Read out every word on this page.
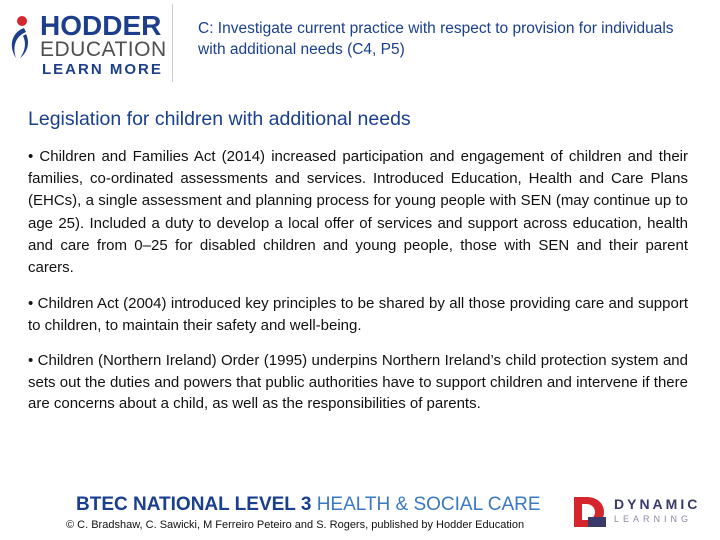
HODDER
EDUCATION
LEARN MORE
C: Investigate current practice with respect to provision for individuals with additional needs (C4, P5)
Legislation for children with additional needs

• Children and Families Act (2014) increased participation and engagement of children and their families, co-ordinated assessments and services. Introduced Education, Health and Care Plans (EHCs), a single assessment and planning process for young people with SEN (may continue up to age 25). Included a duty to develop a local offer of services and support across education, health and care from 0–25 for disabled children and young people, those with SEN and their parent carers.

• Children Act (2004) introduced key principles to be shared by all those providing care and support to children, to maintain their safety and well-being.

• Children (Northern Ireland) Order (1995) underpins Northern Ireland’s child protection system and sets out the duties and powers that public authorities have to support children and intervene if there are concerns about a child, as well as the responsibilities of parents.

BTEC NATIONAL LEVEL 3 HEALTH & SOCIAL CARE
© C. Bradshaw, C. Sawicki, M Ferreiro Peteiro and S. Rogers, published by Hodder Education
DYNAMIC
LEARNING
